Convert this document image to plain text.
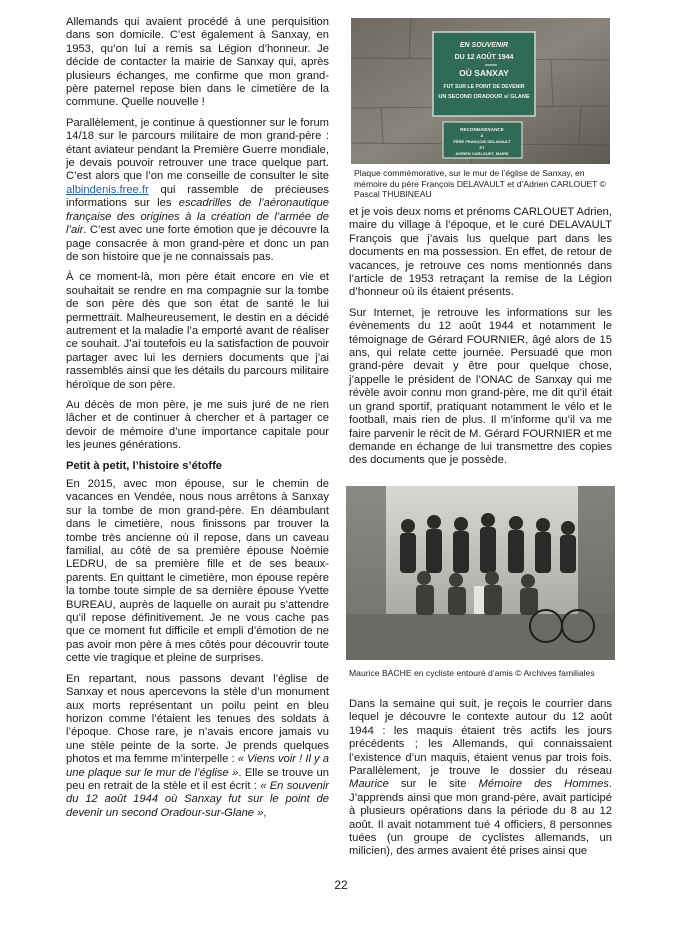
Allemands qui avaient procédé à une perquisition dans son domicile. C’est également à Sanxay, en 1953, qu’on lui a remis sa Légion d’honneur. Je décide de contacter la mairie de Sanxay qui, après plusieurs échanges, me confirme que mon grand-père paternel repose bien dans le cimetière de la commune. Quelle nouvelle !

Parallèlement, je continue à questionner sur le forum 14/18 sur le parcours militaire de mon grand-père : étant aviateur pendant la Première Guerre mondiale, je devais pouvoir retrouver une trace quelque part. C’est alors que l’on me conseille de consulter le site albindenis.free.fr qui rassemble de précieuses informations sur les escadrilles de l’aéronautique française des origines à la création de l’armée de l’air. C’est avec une forte émotion que je découvre la page consacrée à mon grand-père et donc un pan de son histoire que je ne connaissais pas.

À ce moment-là, mon père était encore en vie et souhaitait se rendre en ma compagnie sur la tombe de son père dès que son état de santé le lui permettrait. Malheureusement, le destin en a décidé autrement et la maladie l’a emporté avant de réaliser ce souhait. J’ai toutefois eu la satisfaction de pouvoir partager avec lui les derniers documents que j’ai rassemblés ainsi que les détails du parcours militaire héroïque de son père.

Au décès de mon père, je me suis juré de ne rien lâcher et de continuer à chercher et à partager ce devoir de mémoire d’une importance capitale pour les jeunes générations.

Petit à petit, l’histoire s’étoffe

En 2015, avec mon épouse, sur le chemin de vacances en Vendée, nous nous arrêtons à Sanxay sur la tombe de mon grand-père. En déambulant dans le cimetière, nous finissons par trouver la tombe très ancienne où il repose, dans un caveau familial, au côté de sa première épouse Noémie LEDRU, de sa première fille et de ses beaux-parents. En quittant le cimetière, mon épouse repère la tombe toute simple de sa dernière épouse Yvette BUREAU, auprès de laquelle on aurait pu s’attendre qu’il repose définitivement. Je ne vous cache pas que ce moment fut difficile et empli d’émotion de ne pas avoir mon père à mes côtés pour découvrir toute cette vie tragique et pleine de surprises.

En repartant, nous passons devant l’église de Sanxay et nous apercevons la stèle d’un monument aux morts représentant un poilu peint en bleu horizon comme l’étaient les tenues des soldats à l’époque. Chose rare, je n’avais encore jamais vu une stèle peinte de la sorte. Je prends quelques photos et ma femme m’interpelle : « Viens voir ! Il y a une plaque sur le mur de l’église ». Elle se trouve un peu en retrait de la stèle et il est écrit : « En souvenir du 12 août 1944 où Sanxay fut sur le point de devenir un second Oradour-sur-Glane »,

EN SOUVENIR
DU 12 AOÛT 1944
OÙ SANXAY
FUT SUR LE POINT DE DEVENIR
UN SECOND ORADOUR s/ GLANE
RECONNAISSANCE
À
PÈRE FRANÇOIS DELAVAULT
ET
ADRIEN CARLOUET, MAIRE
Plaque commémorative, sur le mur de l’église de Sanxay, en mémoire du père François DELAVAULT et d’Adrien CARLOUET © Pascal THUBINEAU

et je vois deux noms et prénoms CARLOUET Adrien, maire du village à l’époque, et le curé DELAVAULT François que j’avais lus quelque part dans les documents en ma possession. En effet, de retour de vacances, je retrouve ces noms mentionnés dans l’article de 1953 retraçant la remise de la Légion d’honneur où ils étaient présents.

Sur Internet, je retrouve les informations sur les évènements du 12 août 1944 et notamment le témoignage de Gérard FOURNIER, âgé alors de 15 ans, qui relate cette journée. Persuadé que mon grand-père devait y être pour quelque chose, j’appelle le président de l’ONAC de Sanxay qui me révèle avoir connu mon grand-père, me dit qu’il était un grand sportif, pratiquant notamment le vélo et le football, mais rien de plus. Il m’informe qu’il va me faire parvenir le récit de M. Gérard FOURNIER et me demande en échange de lui transmettre des copies des documents que je possède.

Maurice BACHE en cycliste entouré d’amis © Archives familiales

Dans la semaine qui suit, je reçois le courrier dans lequel je découvre le contexte autour du 12 août 1944 : les maquis étaient très actifs les jours précédents ; les Allemands, qui connaissaient l’existence d’un maquis, étaient venus par trois fois. Parallèlement, je trouve le dossier du réseau Maurice sur le site Mémoire des Hommes. J’apprends ainsi que mon grand-père, avait participé à plusieurs opérations dans la période du 8 au 12 août. Il avait notamment tué 4 officiers, 8 personnes tuées (un groupe de cyclistes allemands, un milicien), des armes avaient été prises ainsi que

22
